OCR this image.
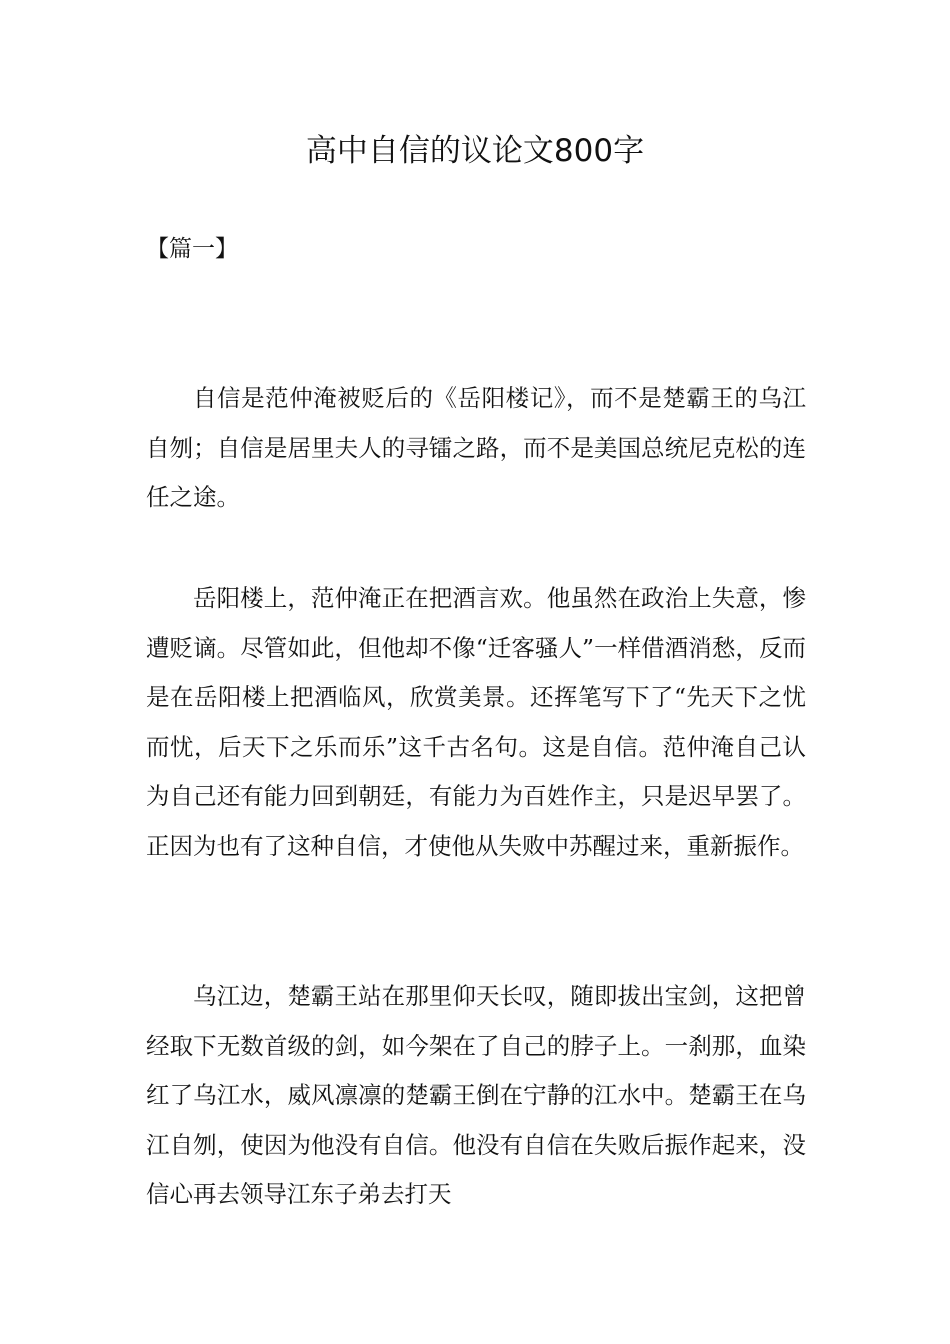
高中自信的议论文800字

【篇一】

自信是范仲淹被贬后的《岳阳楼记》，而不是楚霸王的乌江自刎；自信是居里夫人的寻镭之路，而不是美国总统尼克松的连任之途。

岳阳楼上，范仲淹正在把酒言欢。他虽然在政治上失意，惨遭贬谪。尽管如此，但他却不像“迁客骚人”一样借酒消愁，反而是在岳阳楼上把酒临风，欣赏美景。还挥笔写下了“先天下之忧而忧，后天下之乐而乐”这千古名句。这是自信。范仲淹自己认为自己还有能力回到朝廷，有能力为百姓作主，只是迟早罢了。正因为也有了这种自信，才使他从失败中苏醒过来，重新振作。

乌江边，楚霸王站在那里仰天长叹，随即拔出宝剑，这把曾经取下无数首级的剑，如今架在了自己的脖子上。一刹那，血染红了乌江水，威风凛凛的楚霸王倒在宁静的江水中。楚霸王在乌江自刎，使因为他没有自信。他没有自信在失败后振作起来，没信心再去领导江东子弟去打天
